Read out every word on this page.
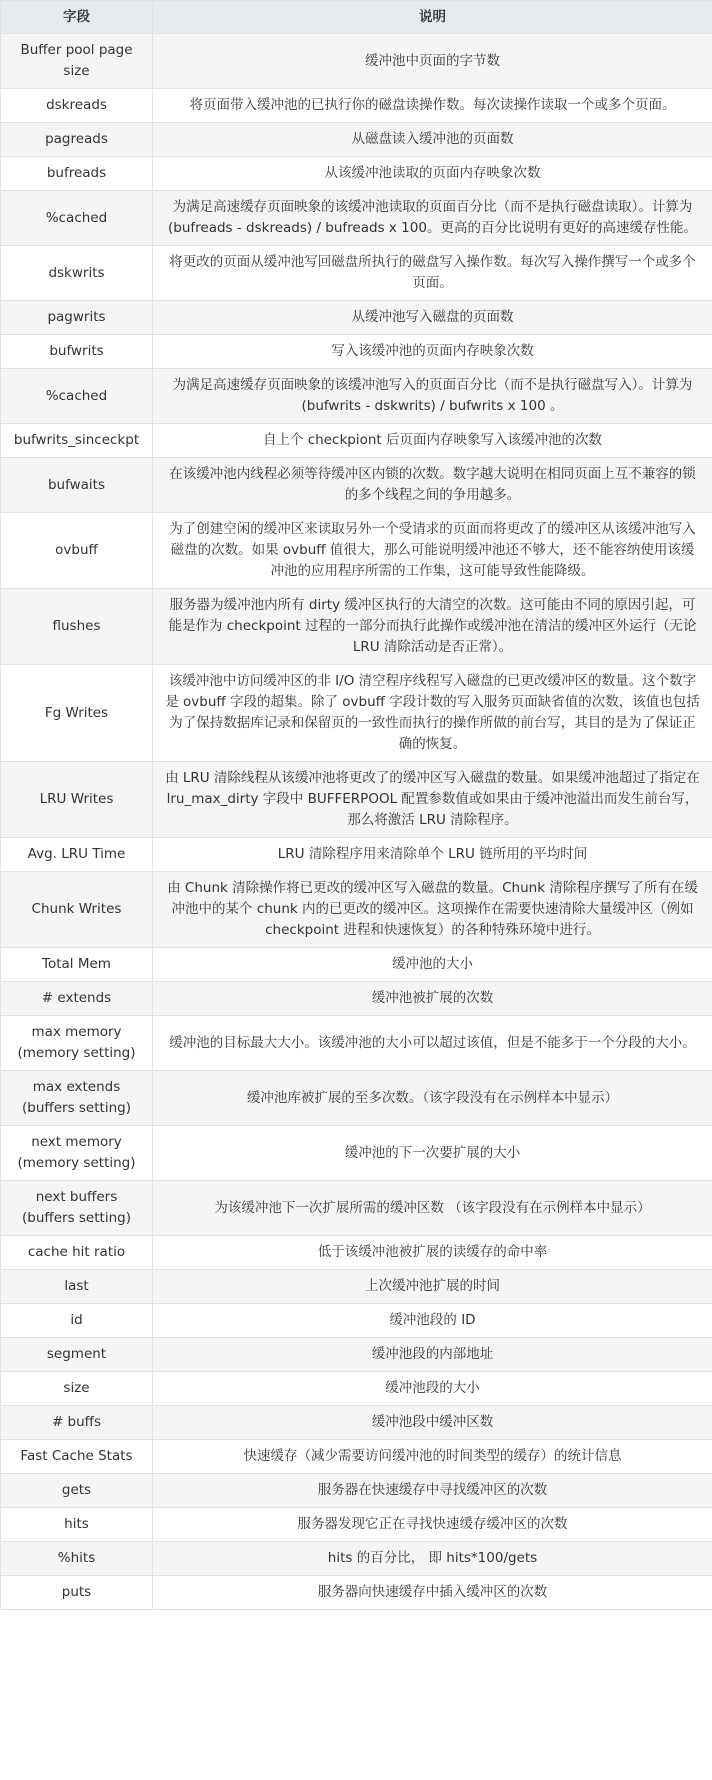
字段	说明
Buffer pool page size	缓冲池中页面的字节数
dskreads	将页面带入缓冲池的已执行你的磁盘读操作数。每次读操作读取一个或多个页面。
pagreads	从磁盘读入缓冲池的页面数
bufreads	从该缓冲池读取的页面内存映象次数
%cached	为满足高速缓存页面映象的该缓冲池读取的页面百分比（而不是执行磁盘读取）。计算为 (bufreads - dskreads) / bufreads x 100。更高的百分比说明有更好的高速缓存性能。
dskwrits	将更改的页面从缓冲池写回磁盘所执行的磁盘写入操作数。每次写入操作撰写一个或多个页面。
pagwrits	从缓冲池写入磁盘的页面数
bufwrits	写入该缓冲池的页面内存映象次数
%cached	为满足高速缓存页面映象的该缓冲池写入的页面百分比（而不是执行磁盘写入）。计算为 (bufwrits - dskwrits) / bufwrits x 100 。
bufwrits_sinceckpt	自上个 checkpiont 后页面内存映象写入该缓冲池的次数
bufwaits	在该缓冲池内线程必须等待缓冲区内锁的次数。数字越大说明在相同页面上互不兼容的锁的多个线程之间的争用越多。
ovbuff	为了创建空闲的缓冲区来读取另外一个受请求的页面而将更改了的缓冲区从该缓冲池写入磁盘的次数。如果 ovbuff 值很大，那么可能说明缓冲池还不够大，还不能容纳使用该缓冲池的应用程序所需的工作集，这可能导致性能降级。
flushes	服务器为缓冲池内所有 dirty 缓冲区执行的大清空的次数。这可能由不同的原因引起，可能是作为 checkpoint 过程的一部分而执行此操作或缓冲池在清洁的缓冲区外运行（无论 LRU 清除活动是否正常）。
Fg Writes	该缓冲池中访问缓冲区的非 I/O 清空程序线程写入磁盘的已更改缓冲区的数量。这个数字是 ovbuff 字段的超集。除了 ovbuff 字段计数的写入服务页面缺省值的次数，该值也包括为了保持数据库记录和保留页的一致性而执行的操作所做的前台写，其目的是为了保证正确的恢复。
LRU Writes	由 LRU 清除线程从该缓冲池将更改了的缓冲区写入磁盘的数量。如果缓冲池超过了指定在 lru_max_dirty 字段中 BUFFERPOOL 配置参数值或如果由于缓冲池溢出而发生前台写，那么将激活 LRU 清除程序。
Avg. LRU Time	LRU 清除程序用来清除单个 LRU 链所用的平均时间
Chunk Writes	由 Chunk 清除操作将已更改的缓冲区写入磁盘的数量。Chunk 清除程序撰写了所有在缓冲池中的某个 chunk 内的已更改的缓冲区。这项操作在需要快速清除大量缓冲区（例如 checkpoint 进程和快速恢复）的各种特殊环境中进行。
Total Mem	缓冲池的大小
# extends	缓冲池被扩展的次数
max memory (memory setting)	缓冲池的目标最大大小。该缓冲池的大小可以超过该值，但是不能多于一个分段的大小。
max extends (buffers setting)	缓冲池库被扩展的至多次数。（该字段没有在示例样本中显示）
next memory (memory setting)	缓冲池的下一次要扩展的大小
next buffers (buffers setting)	为该缓冲池下一次扩展所需的缓冲区数 （该字段没有在示例样本中显示）
cache hit ratio	低于该缓冲池被扩展的读缓存的命中率
last	上次缓冲池扩展的时间
id	缓冲池段的 ID
segment	缓冲池段的内部地址
size	缓冲池段的大小
# buffs	缓冲池段中缓冲区数
Fast Cache Stats	快速缓存（减少需要访问缓冲池的时间类型的缓存）的统计信息
gets	服务器在快速缓存中寻找缓冲区的次数
hits	服务器发现它正在寻找快速缓存缓冲区的次数
%hits	hits 的百分比， 即 hits*100/gets
puts	服务器向快速缓存中插入缓冲区的次数
